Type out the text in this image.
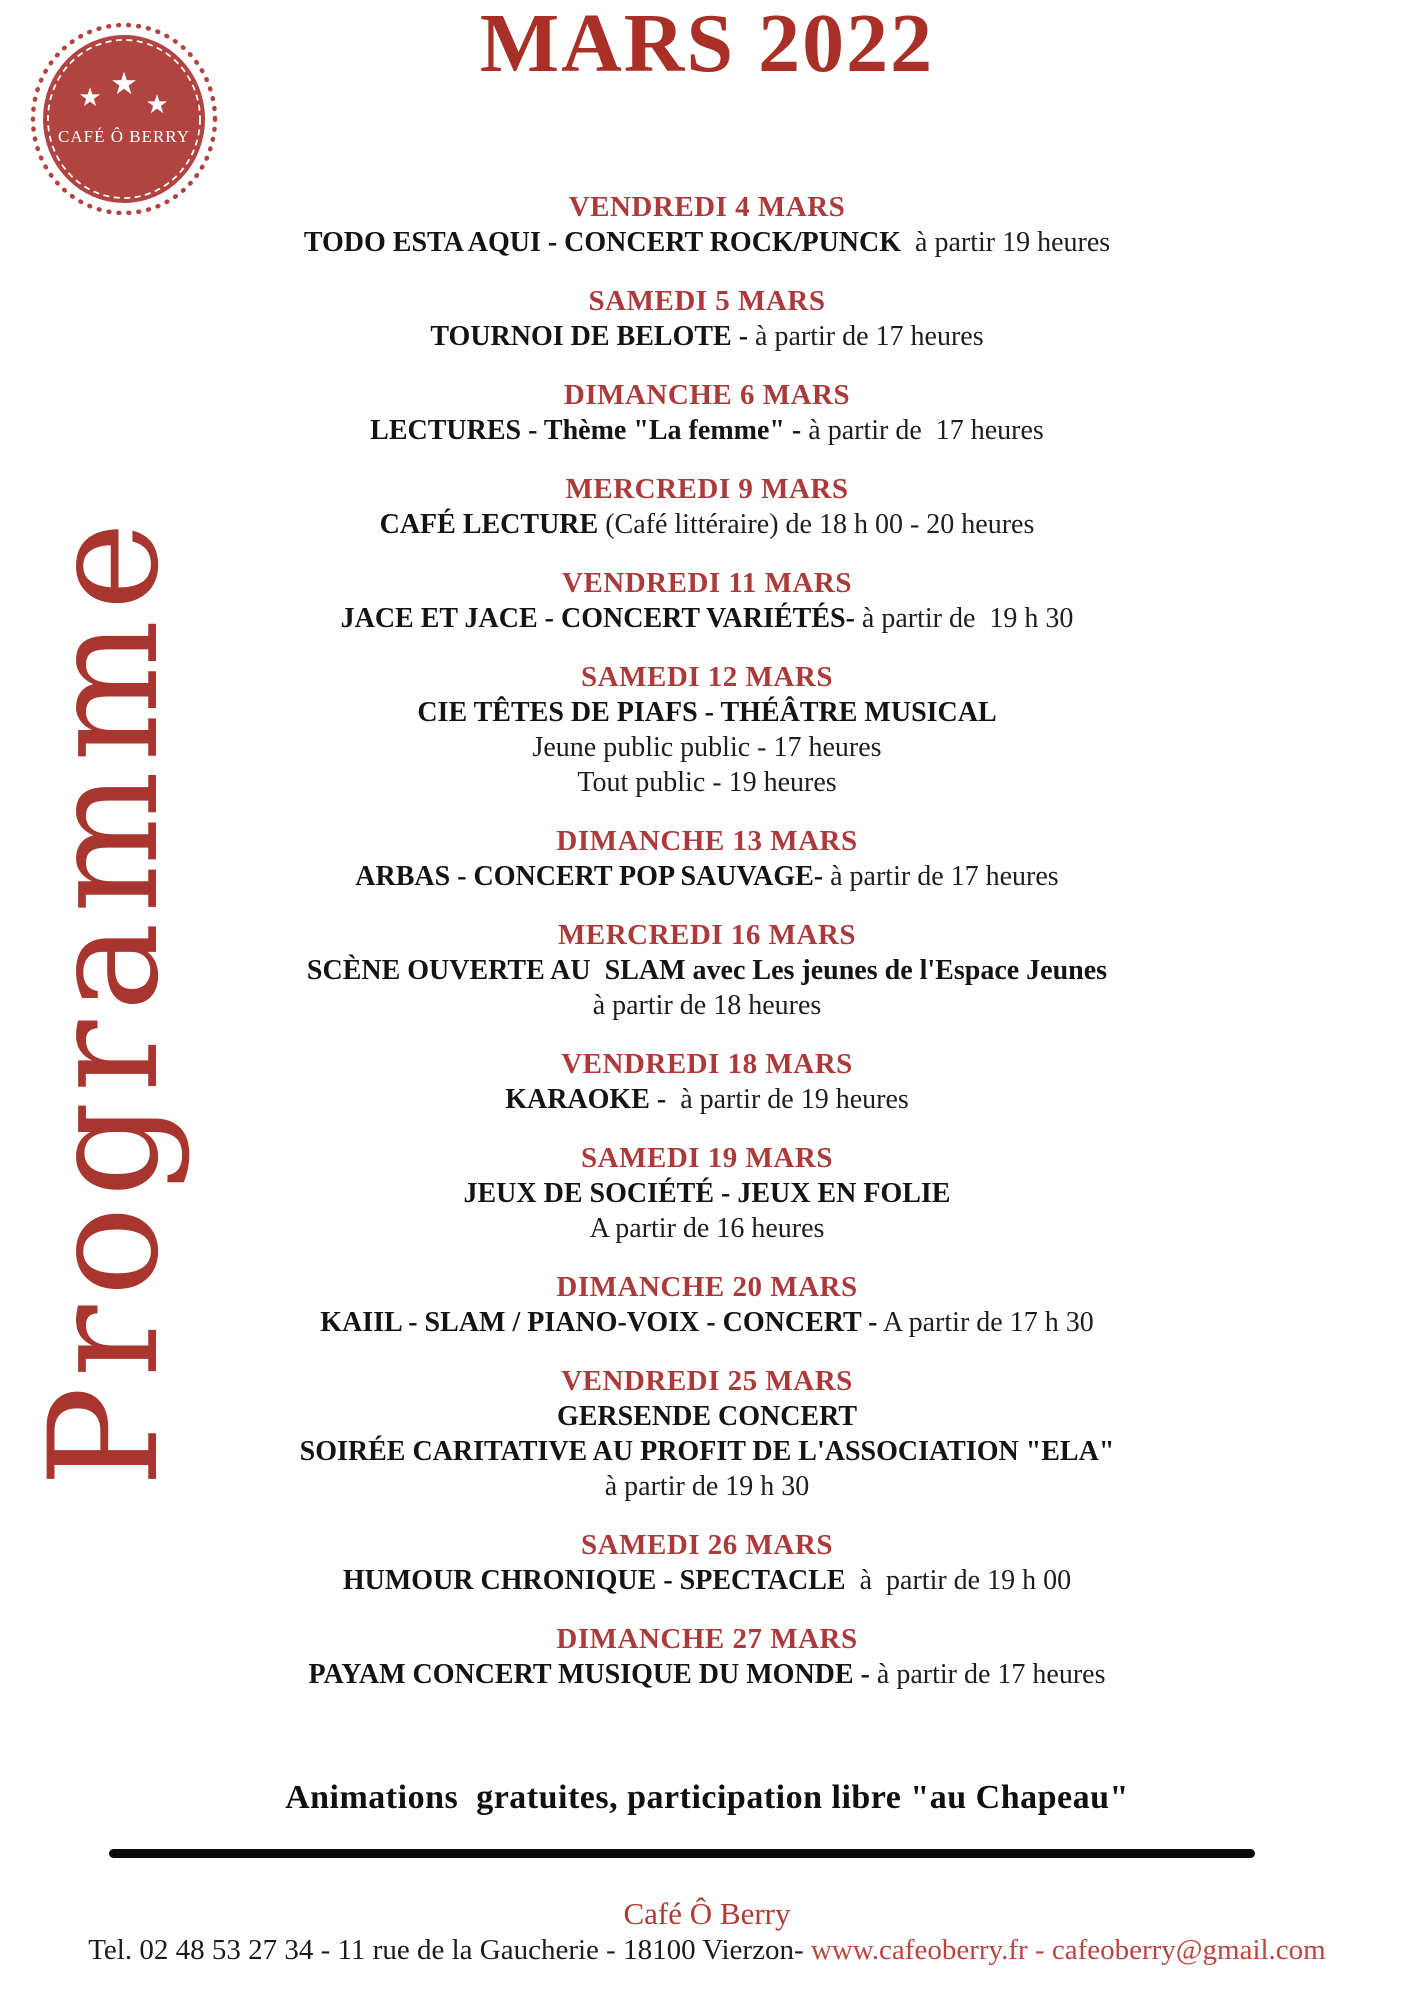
★ ★
★
CAFÉ Ô BERRY
MARS 2022
Programme
VENDREDI 4 MARS
TODO ESTA AQUI - CONCERT ROCK/PUNCK  à partir 19 heures
SAMEDI 5 MARS
TOURNOI DE BELOTE - à partir de 17 heures
DIMANCHE 6 MARS
LECTURES - Thème "La femme" - à partir de  17 heures
MERCREDI 9 MARS
CAFÉ LECTURE (Café littéraire) de 18 h 00 - 20 heures
VENDREDI 11 MARS
JACE ET JACE - CONCERT VARIÉTÉS- à partir de  19 h 30
SAMEDI 12 MARS
CIE TÊTES DE PIAFS - THÉÂTRE MUSICAL
Jeune public public - 17 heures
Tout public - 19 heures
DIMANCHE 13 MARS
ARBAS - CONCERT POP SAUVAGE- à partir de 17 heures
MERCREDI 16 MARS
SCÈNE OUVERTE AU  SLAM avec Les jeunes de l'Espace Jeunes
à partir de 18 heures
VENDREDI 18 MARS
KARAOKE -  à partir de 19 heures
SAMEDI 19 MARS
JEUX DE SOCIÉTÉ - JEUX EN FOLIE
A partir de 16 heures
DIMANCHE 20 MARS
KAIIL - SLAM / PIANO-VOIX - CONCERT - A partir de 17 h 30
VENDREDI 25 MARS
GERSENDE CONCERT
SOIRÉE CARITATIVE AU PROFIT DE L'ASSOCIATION "ELA"
à partir de 19 h 30
SAMEDI 26 MARS
HUMOUR CHRONIQUE - SPECTACLE  à  partir de 19 h 00
DIMANCHE 27 MARS
PAYAM CONCERT MUSIQUE DU MONDE - à partir de 17 heures
Animations  gratuites, participation libre "au Chapeau"
Café Ô Berry
Tel. 02 48 53 27 34 - 11 rue de la Gaucherie - 18100 Vierzon- www.cafeoberry.fr - cafeoberry@gmail.com
